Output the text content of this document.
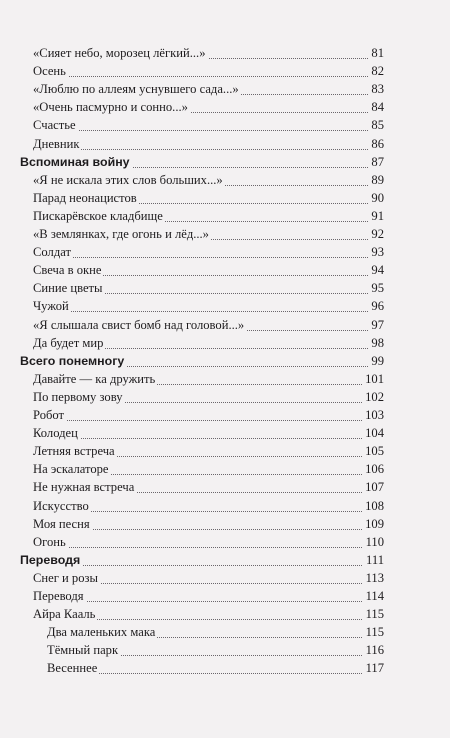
«Сияет небо, морозец лёгкий...»	81
Осень	82
«Люблю по аллеям уснувшего сада...»	83
«Очень пасмурно и сонно...»	84
Счастье	85
Дневник	86
Вспоминая войну	87
«Я не искала этих слов больших...»	89
Парад неонацистов	90
Пискарёвское кладбище	91
«В землянках, где огонь и лёд...»	92
Солдат	93
Свеча в окне	94
Синие цветы	95
Чужой	96
«Я слышала свист бомб над головой...»	97
Да будет мир	98
Всего понемногу	99
Давайте — ка дружить	101
По первому зову	102
Робот	103
Колодец	104
Летняя встреча	105
На эскалаторе	106
Не нужная встреча	107
Искусство	108
Моя песня	109
Огонь	110
Переводя	111
Снег и розы	113
Переводя	114
Айра Кааль	115
Два маленьких мака	115
Тёмный парк	116
Весеннее	117
